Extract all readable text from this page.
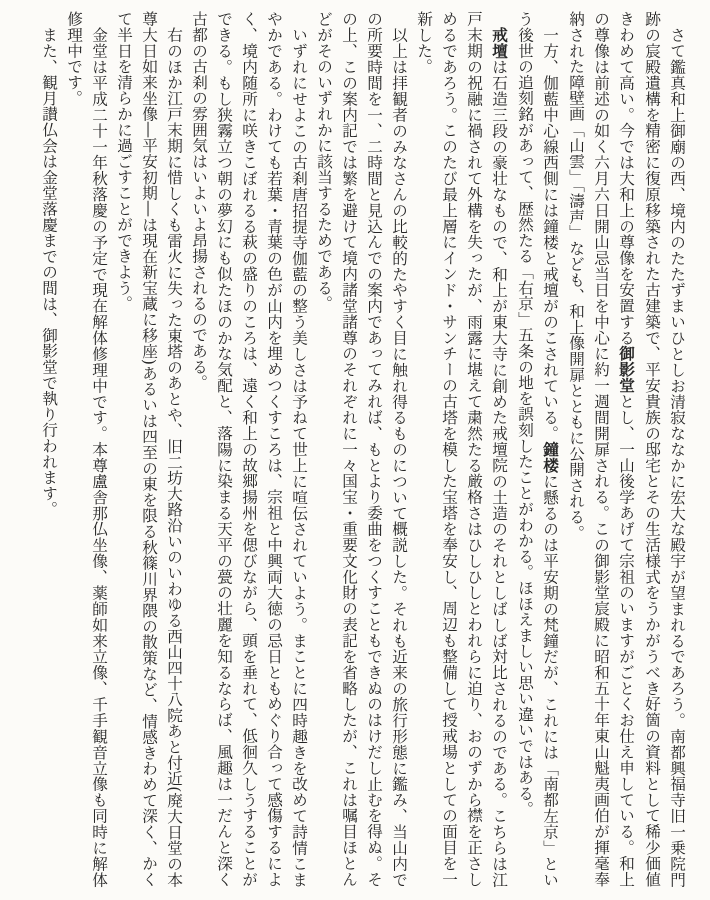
さて鑑真和上御廟の西、境内のたたずまいひとしお清寂ななかに宏大な殿宇が望まれるであろう。南都興福寺旧一乗院門跡の宸殿遺構を精密に復原移築された古建築で、平安貴族の邸宅とその生活様式をうかがうべき好箇の資料として稀少価値きわめて高い。今では大和上の尊像を安置する御影堂とし、一山後学あげて宗祖のいますがごとくお仕え申している。和上の尊像は前述の如く六月六日開山忌当日を中心に約一週間開扉される。この御影堂宸殿に昭和五十年東山魁夷画伯が揮毫奉納された障壁画「山雲」「濤声」なども、和上像開扉とともに公開される。

一方、伽藍中心線西側には鐘楼と戒壇がのこされている。鐘楼に懸るのは平安期の梵鐘だが、これには「南都左京」という後世の追刻銘があって、歴然たる「右京」五条の地を誤刻したことがわかる。ほほえましい思い違いではある。

戒壇は石造三段の豪壮なもので、和上が東大寺に創めた戒壇院の土造のそれとしばしば対比されるのである。こちらは江戸末期の祝融に禍されて外構を失ったが、雨露に堪えて粛然たる厳格さはひしひしとわれらに迫り、おのずから襟を正さしめるであろう。このたび最上層にインド・サンチーの古塔を模した宝塔を奉安し、周辺も整備して授戒場としての面目を一新した。

以上は拝観者のみなさんの比較的たやすく目に触れ得るものについて概説した。それも近来の旅行形態に鑑み、当山内での所要時間を一、二時間と見込んでの案内であってみれば、もとより委曲をつくすこともできぬのはけだし止むを得ぬ。その上、この案内記では繁を避けて境内諸堂諸尊のそれぞれに一々国宝・重要文化財の表記を省略したが、これは嘱目ほとんどがそのいずれかに該当するためである。

いずれにせよこの古刹唐招提寺伽藍の整う美しさは予ねて世上に喧伝されていよう。まことに四時趣きを改めて詩情こまやかである。わけても若葉・青葉の色が山内を埋めつくすころは、宗祖と中興両大徳の忌日ともめぐり合って感傷するによく、境内随所に咲きこぼれるる萩の盛りのころは、遠く和上の故郷揚州を偲びながら、頭を垂れて、低徊久しうすることができる。もし狭霧立つ朝の夢幻にも似たほのかな気配と、落陽に染まる天平の甍の壮麗を知るならば、風趣は一だんと深く古都の古刹の雰囲気はいよいよ昂揚されるのである。

右のほか江戸末期に惜しくも雷火に失った東塔のあとや、旧二坊大路沿いのいわゆる西山四十八院あと付近(廃大日堂の本尊大日如来坐像―平安初期―は現在新宝蔵に移座)あるいは四至の東を限る秋篠川界隈の散策など、情感きわめて深く、かくて半日を清らかに過ごすことができよう。

金堂は平成二十一年秋落慶の予定で現在解体修理中です。本尊盧舎那仏坐像、薬師如来立像、千手観音立像も同時に解体修理中です。

また、観月讃仏会は金堂落慶までの間は、御影堂で執り行われます。
